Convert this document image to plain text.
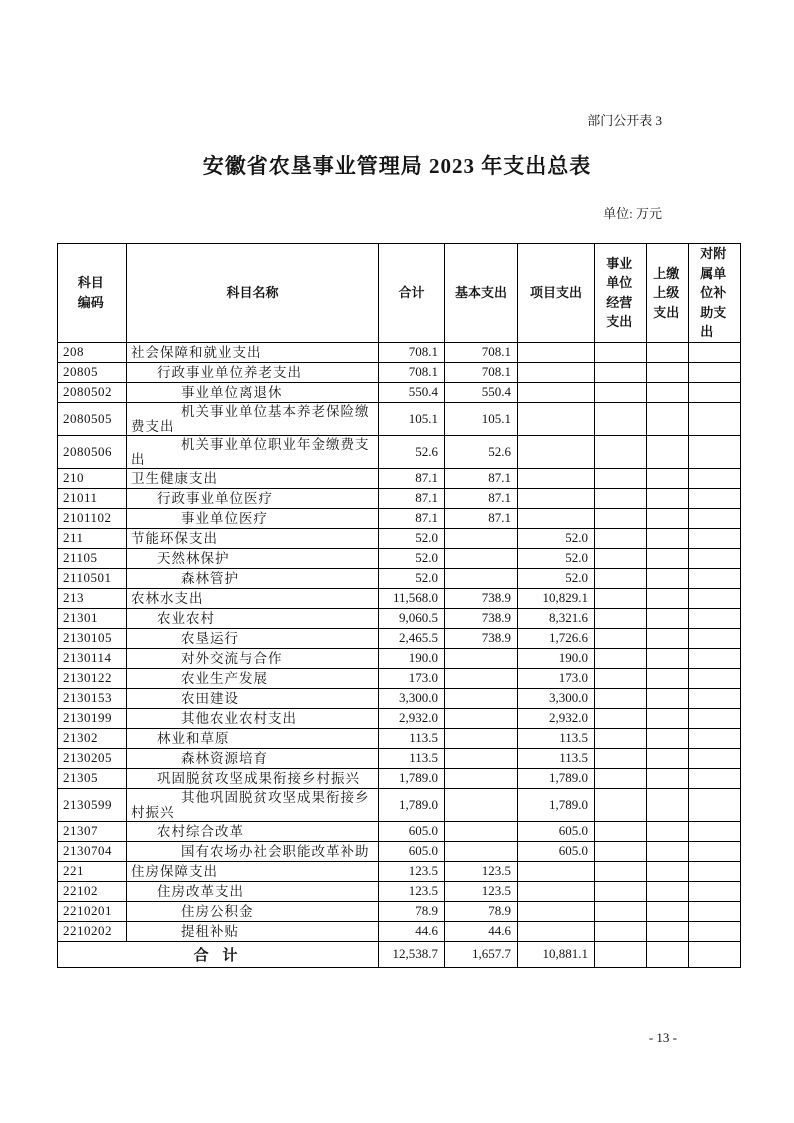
部门公开表 3
安徽省农垦事业管理局 2023 年支出总表
单位: 万元
科目编码	科目名称	合计	基本支出	项目支出	事业单位经营支出	上缴上级支出	对附属单位补助支出
208	社会保障和就业支出	708.1	708.1				
20805	行政事业单位养老支出	708.1	708.1				
2080502	事业单位离退休	550.4	550.4				
2080505	机关事业单位基本养老保险缴费支出	105.1	105.1				
2080506	机关事业单位职业年金缴费支出	52.6	52.6				
210	卫生健康支出	87.1	87.1				
21011	行政事业单位医疗	87.1	87.1				
2101102	事业单位医疗	87.1	87.1				
211	节能环保支出	52.0		52.0			
21105	天然林保护	52.0		52.0			
2110501	森林管护	52.0		52.0			
213	农林水支出	11,568.0	738.9	10,829.1			
21301	农业农村	9,060.5	738.9	8,321.6			
2130105	农垦运行	2,465.5	738.9	1,726.6			
2130114	对外交流与合作	190.0		190.0			
2130122	农业生产发展	173.0		173.0			
2130153	农田建设	3,300.0		3,300.0			
2130199	其他农业农村支出	2,932.0		2,932.0			
21302	林业和草原	113.5		113.5			
2130205	森林资源培育	113.5		113.5			
21305	巩固脱贫攻坚成果衔接乡村振兴	1,789.0		1,789.0			
2130599	其他巩固脱贫攻坚成果衔接乡村振兴	1,789.0		1,789.0			
21307	农村综合改革	605.0		605.0			
2130704	国有农场办社会职能改革补助	605.0		605.0			
221	住房保障支出	123.5	123.5				
22102	住房改革支出	123.5	123.5				
2210201	住房公积金	78.9	78.9				
2210202	提租补贴	44.6	44.6				
合 计		12,538.7	1,657.7	10,881.1			
- 13 -
